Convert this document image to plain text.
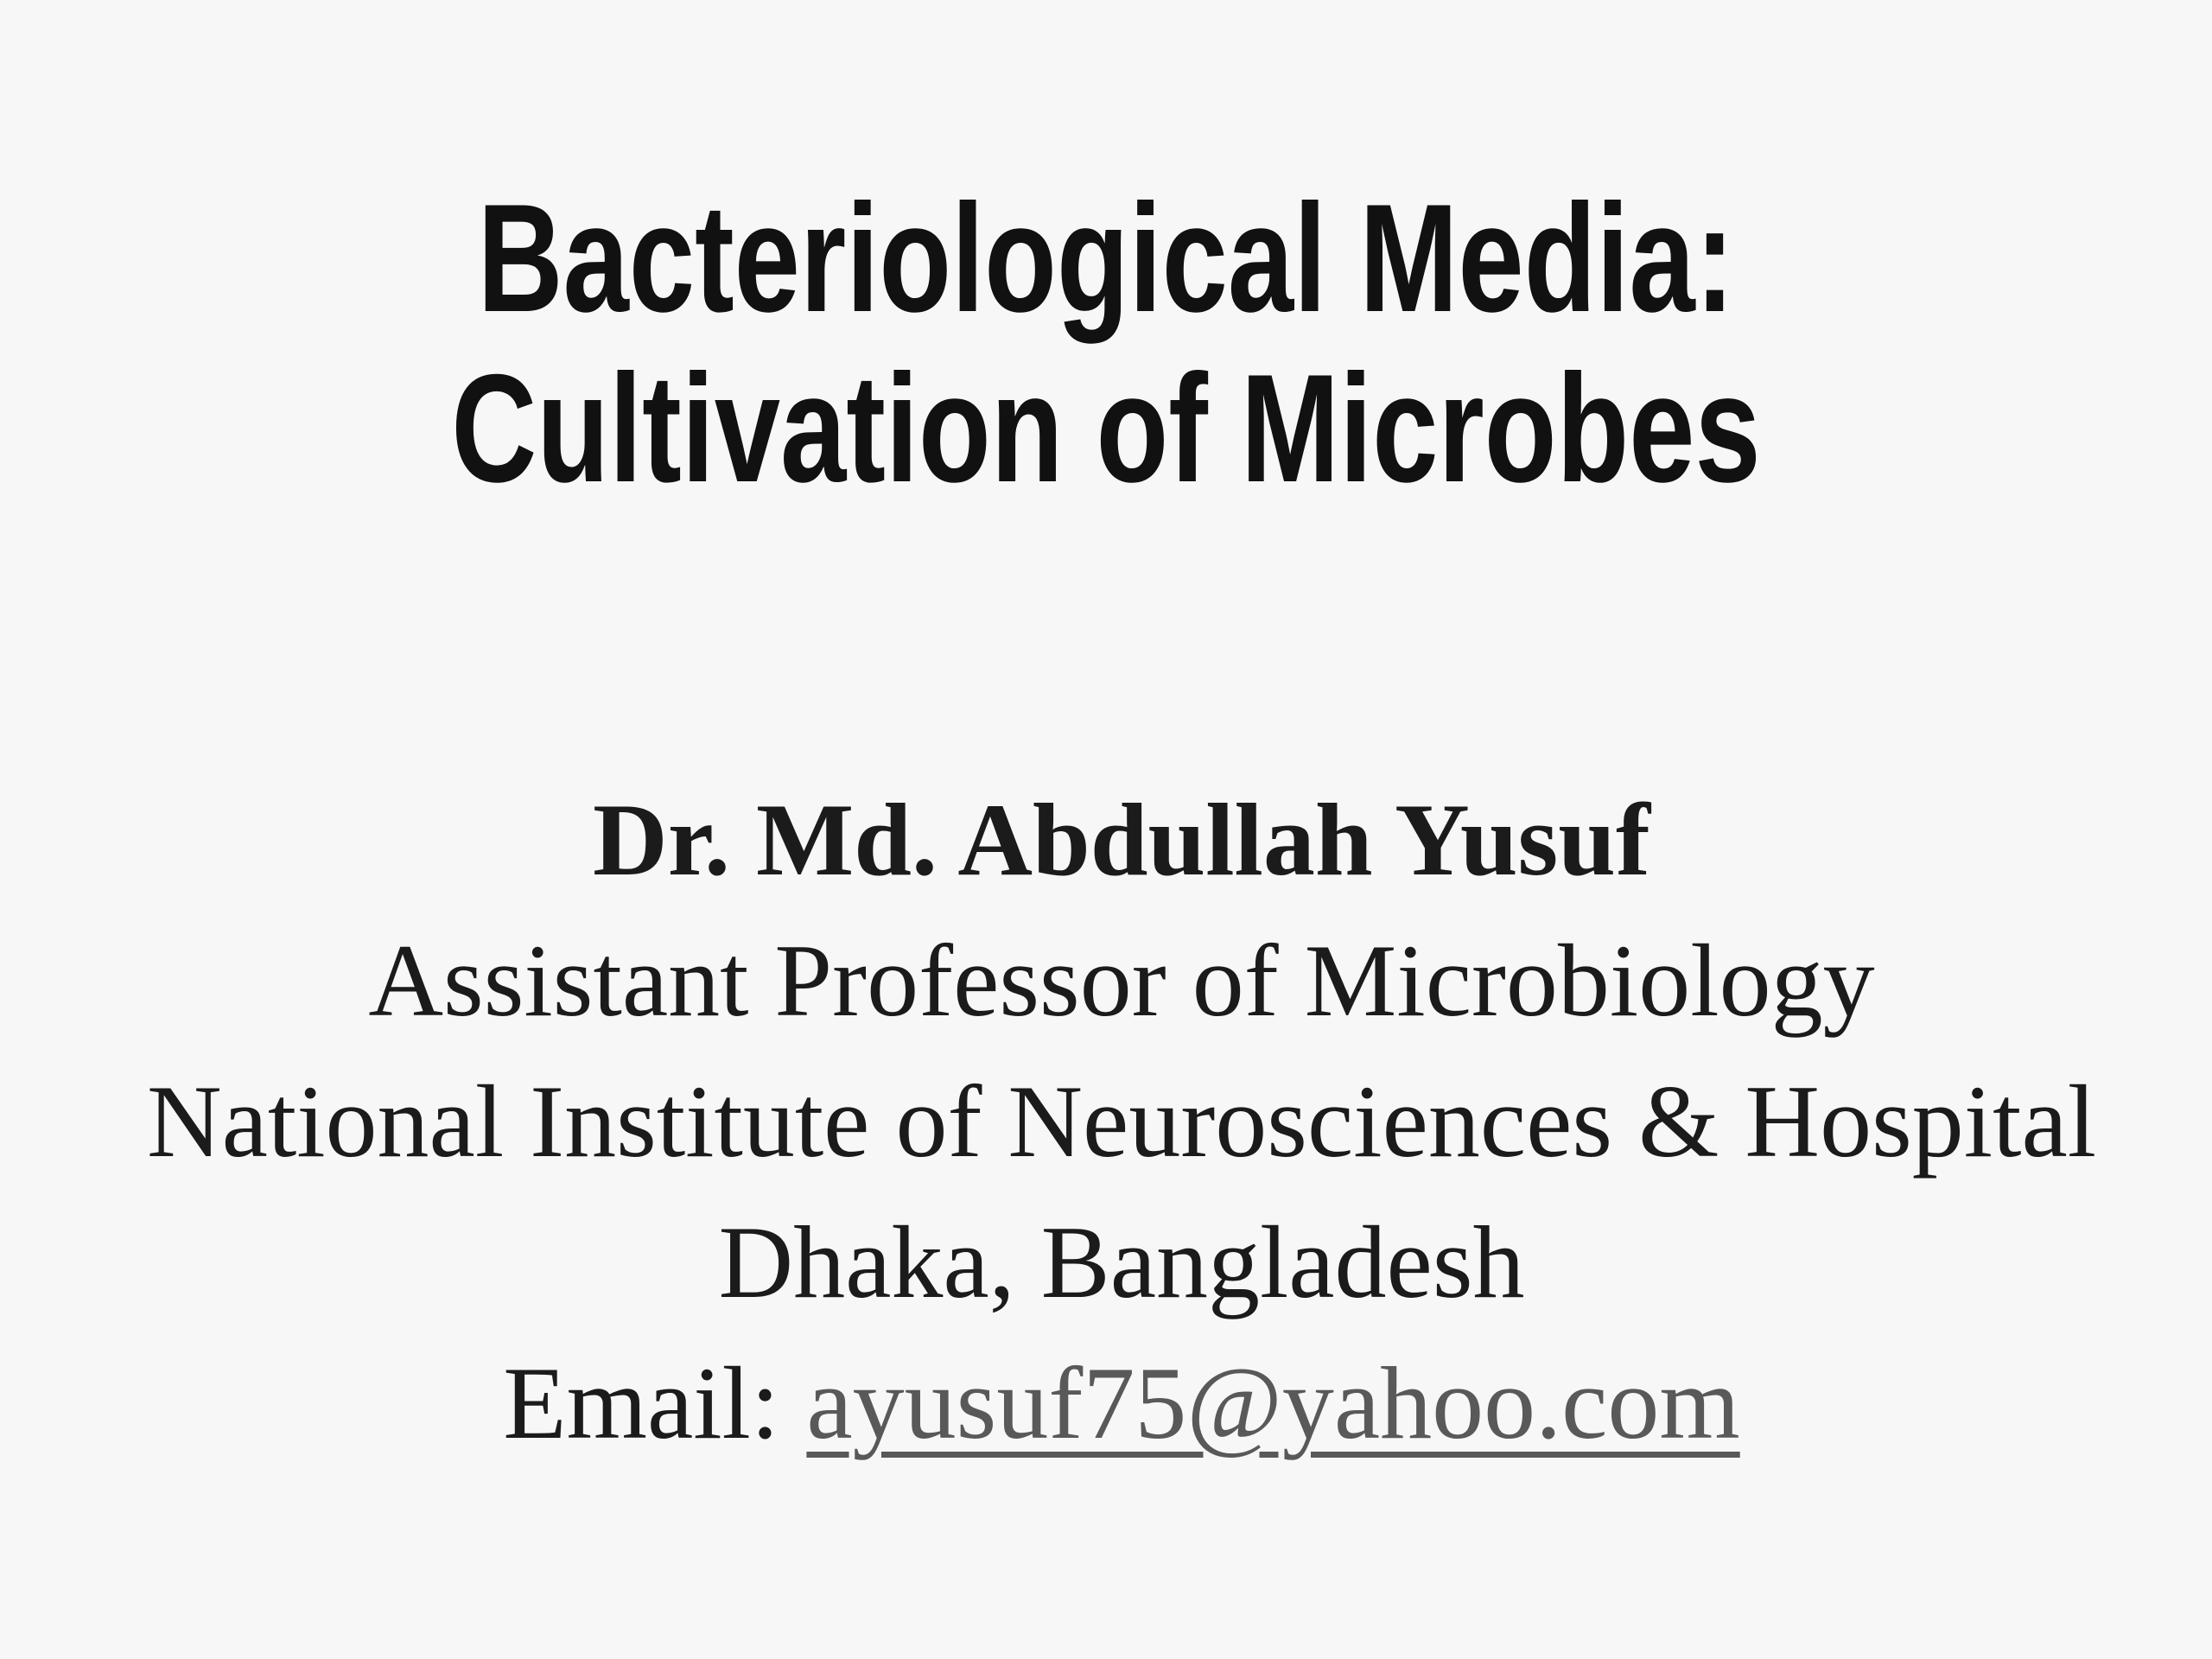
Bacteriological Media:
Cultivation of Microbes
Dr. Md. Abdullah Yusuf
Assistant Professor of Microbiology
National Institute of Neurosciences & Hospital
Dhaka, Bangladesh
Email: ayusuf75@yahoo.com
